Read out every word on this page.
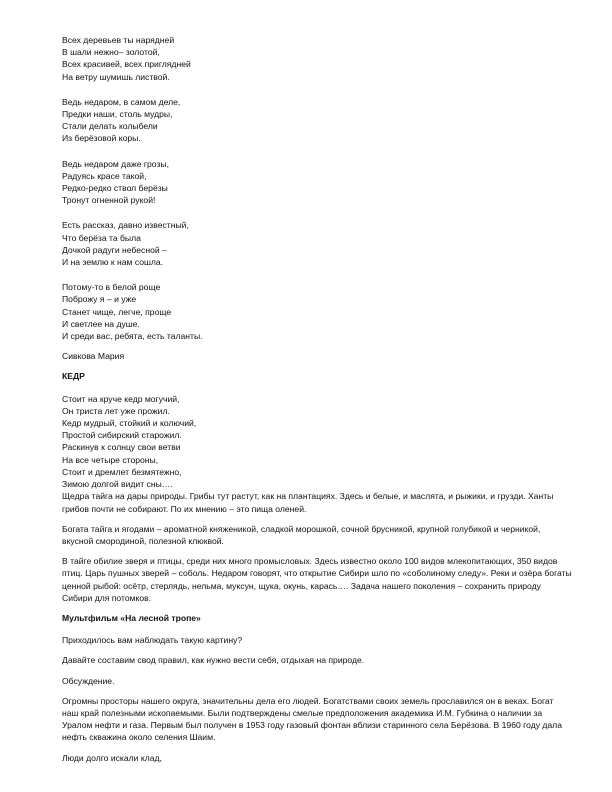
Всех деревьев ты нарядней
В шали нежно– золотой,
Всех красивей, всех приглядней
На ветру шумишь листвой.
Ведь недаром, в самом деле,
Предки наши, столь мудры,
Стали делать колыбели
Из берёзовой коры.
Ведь недаром даже грозы,
Радуясь красе такой,
Редко-редко ствол берёзы
Тронут огненной рукой!
Есть рассказ, давно известный,
Что берёза та была
Дочкой радуги небесной –
И на землю к нам сошла.
Потому-то в белой роще
Поброжу я – и уже
Станет чище, легче, проще
И светлее на душе.
И среди вас, ребята, есть таланты.
Сивкова Мария
КЕДР
Стоит на круче кедр могучий,
Он триста лет уже прожил.
Кедр мудрый, стойкий и колючий,
Простой сибирский старожил.
Раскинув к солнцу свои ветви
На все четыре стороны,
Стоит и дремлет безмятежно,
Зимою долгой видит сны….

Щедра тайга на дары природы. Грибы тут растут, как на плантациях. Здесь и белые, и маслята, и рыжики, и грузди. Ханты грибов почти не собирают. По их мнению – это пища оленей.

Богата тайга и ягодами – ароматной княженикой, сладкой морошкой, сочной брусникой, крупной голубикой и черникой, вкусной смородиной, полезной клюквой.

В тайге обилие зверя и птицы, среди них много промысловых. Здесь известно около 100 видов млекопитающих, 350 видов птиц. Царь пушных зверей – соболь. Недаром говорят, что открытие Сибири шло по «соболиному следу». Реки и озёра богаты ценной рыбой: осётр, стерлядь, нельма, муксун, щука, окунь, карась…. Задача нашего поколения – сохранить природу Сибири для потомков.

Мультфильм «На лесной тропе»

Приходилось вам наблюдать такую картину?

Давайте составим свод правил, как нужно вести себя, отдыхая на природе.

Обсуждение.

Огромны просторы нашего округа, значительны дела его людей. Богатствами своих земель прославился он в веках. Богат наш край полезными ископаемыми. Были подтверждены смелые предположения академика И.М. Губкина о наличии за Уралом нефти и газа. Первым был получен в 1953 году газовый фонтан вблизи старинного села Берёзова. В 1960 году дала нефть скважина около селения Шаим.

Люди долго искали клад,
